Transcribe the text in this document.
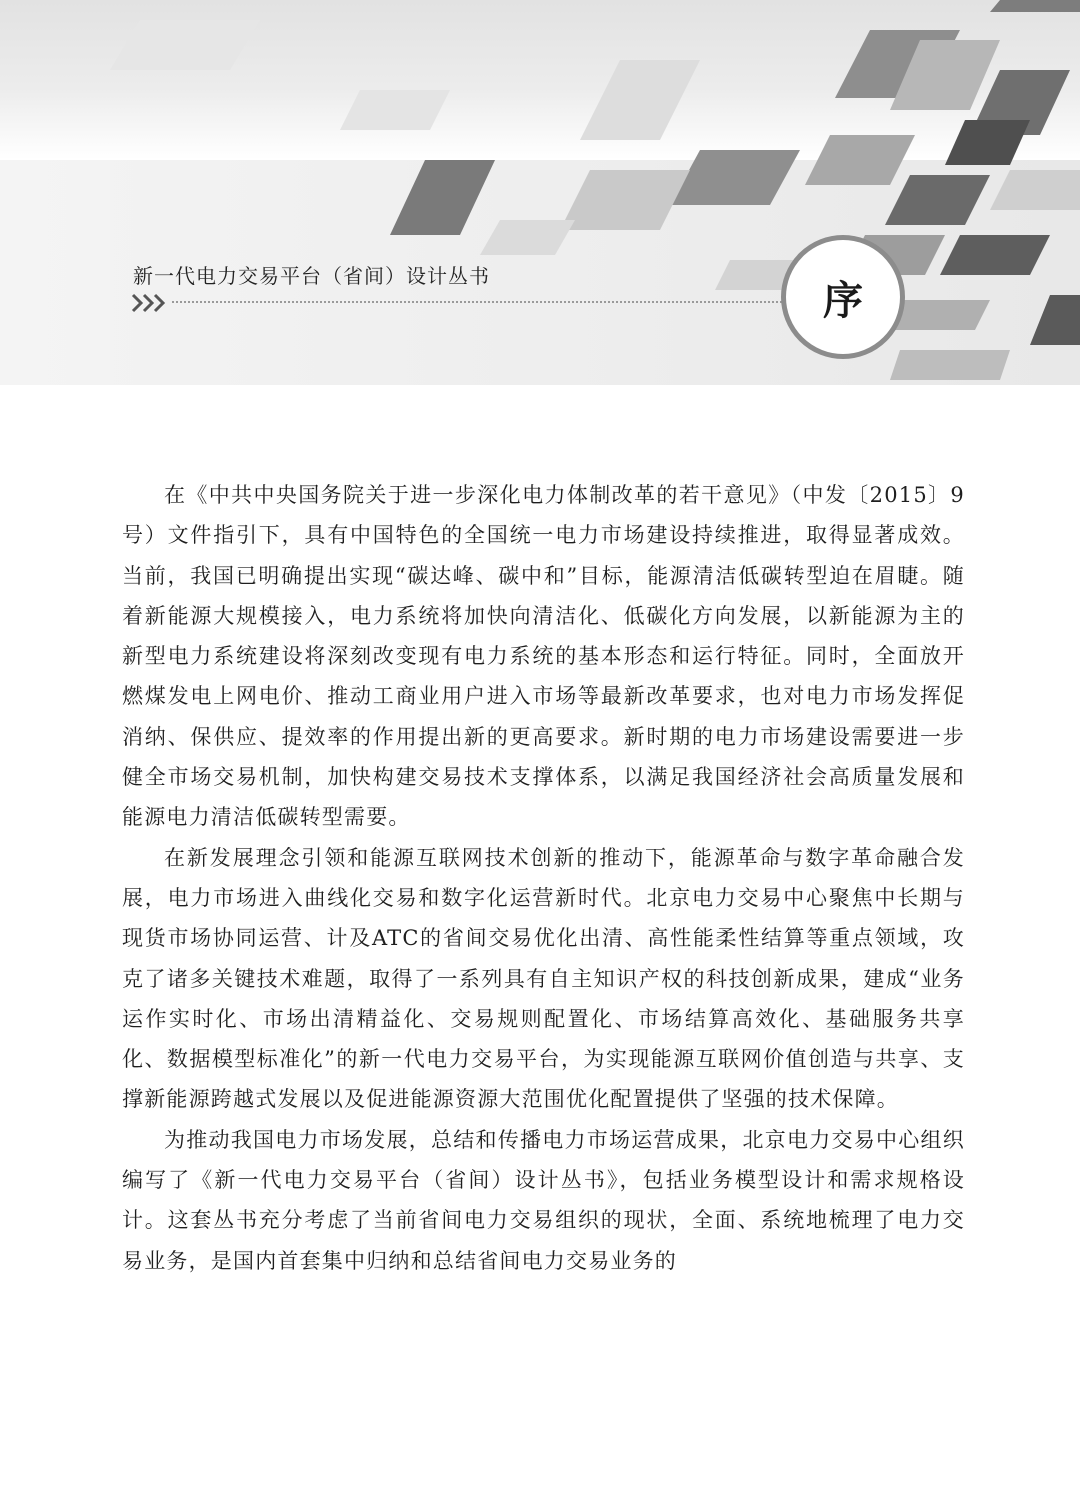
新一代电力交易平台（省间）设计丛书
序

在《中共中央国务院关于进一步深化电力体制改革的若干意见》（中发〔2015〕9号）文件指引下，具有中国特色的全国统一电力市场建设持续推进，取得显著成效。当前，我国已明确提出实现“碳达峰、碳中和”目标，能源清洁低碳转型迫在眉睫。随着新能源大规模接入，电力系统将加快向清洁化、低碳化方向发展，以新能源为主的新型电力系统建设将深刻改变现有电力系统的基本形态和运行特征。同时，全面放开燃煤发电上网电价、推动工商业用户进入市场等最新改革要求，也对电力市场发挥促消纳、保供应、提效率的作用提出新的更高要求。新时期的电力市场建设需要进一步健全市场交易机制，加快构建交易技术支撑体系，以满足我国经济社会高质量发展和能源电力清洁低碳转型需要。

在新发展理念引领和能源互联网技术创新的推动下，能源革命与数字革命融合发展，电力市场进入曲线化交易和数字化运营新时代。北京电力交易中心聚焦中长期与现货市场协同运营、计及ATC的省间交易优化出清、高性能柔性结算等重点领域，攻克了诸多关键技术难题，取得了一系列具有自主知识产权的科技创新成果，建成“业务运作实时化、市场出清精益化、交易规则配置化、市场结算高效化、基础服务共享化、数据模型标准化”的新一代电力交易平台，为实现能源互联网价值创造与共享、支撑新能源跨越式发展以及促进能源资源大范围优化配置提供了坚强的技术保障。

为推动我国电力市场发展，总结和传播电力市场运营成果，北京电力交易中心组织编写了《新一代电力交易平台（省间）设计丛书》，包括业务模型设计和需求规格设计。这套丛书充分考虑了当前省间电力交易组织的现状，全面、系统地梳理了电力交易业务，是国内首套集中归纳和总结省间电力交易业务的
